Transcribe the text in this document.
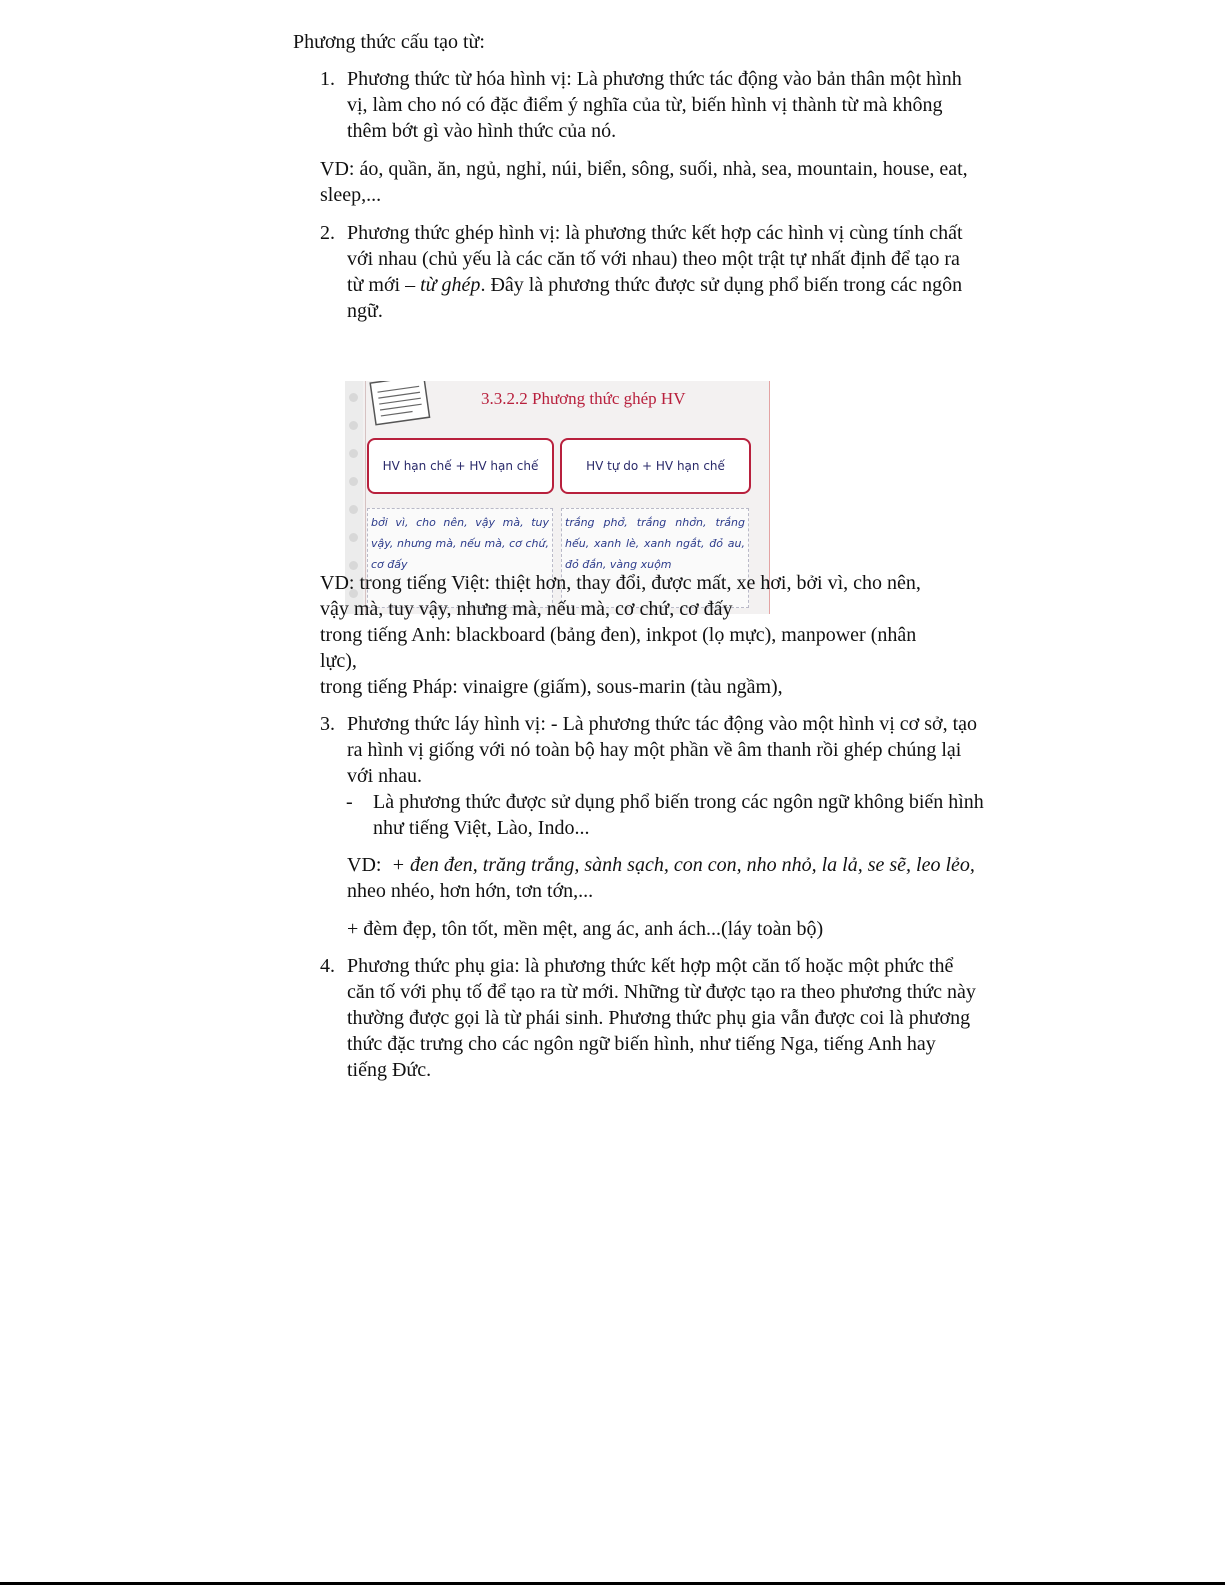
Phương thức cấu tạo từ:
1. Phương thức từ hóa hình vị: Là phương thức tác động vào bản thân một hình vị, làm cho nó có đặc điểm ý nghĩa của từ, biến hình vị thành từ mà không thêm bớt gì vào hình thức của nó.
VD: áo, quần, ăn, ngủ, nghỉ, núi, biển, sông, suối, nhà, sea, mountain, house, eat, sleep,...
2. Phương thức ghép hình vị: là phương thức kết hợp các hình vị cùng tính chất với nhau (chủ yếu là các căn tố với nhau) theo một trật tự nhất định để tạo ra từ mới – từ ghép. Đây là phương thức được sử dụng phổ biến trong các ngôn ngữ.
3.3.2.2 Phương thức ghép HV
HV hạn chế + HV hạn chế	HV tự do + HV hạn chế
bởi vì, cho nên, vậy mà, tuy vậy, nhưng mà, nếu mà, cơ chứ, cơ đấy
trắng phở, trắng nhởn, trắng hếu, xanh lè, xanh ngắt, đỏ au, đỏ đắn, vàng xuộm
VD: trong tiếng Việt: thiệt hơn, thay đổi, được mất, xe hơi, bởi vì, cho nên,
vậy mà, tuy vậy, nhưng mà, nếu mà, cơ chứ, cơ đấy
trong tiếng Anh: blackboard (bảng đen), inkpot (lọ mực), manpower (nhân
lực),
trong tiếng Pháp: vinaigre (giấm), sous-marin (tàu ngầm),
3. Phương thức láy hình vị: - Là phương thức tác động vào một hình vị cơ sở, tạo ra hình vị giống với nó toàn bộ hay một phần về âm thanh rồi ghép chúng lại với nhau.
- Là phương thức được sử dụng phổ biến trong các ngôn ngữ không biến hình như tiếng Việt, Lào, Indo...
VD:  + đen đen, trăng trắng, sành sạch, con con, nho nhỏ, la lả, se sẽ, leo lẻo, nheo nhéo, hơn hớn, tơn tớn,...
+ đèm đẹp, tôn tốt, mền mệt, ang ác, anh ách...(láy toàn bộ)
4. Phương thức phụ gia: là phương thức kết hợp một căn tố hoặc một phức thể căn tố với phụ tố để tạo ra từ mới. Những từ được tạo ra theo phương thức này thường được gọi là từ phái sinh. Phương thức phụ gia vẫn được coi là phương thức đặc trưng cho các ngôn ngữ biến hình, như tiếng Nga, tiếng Anh hay tiếng Đức.
